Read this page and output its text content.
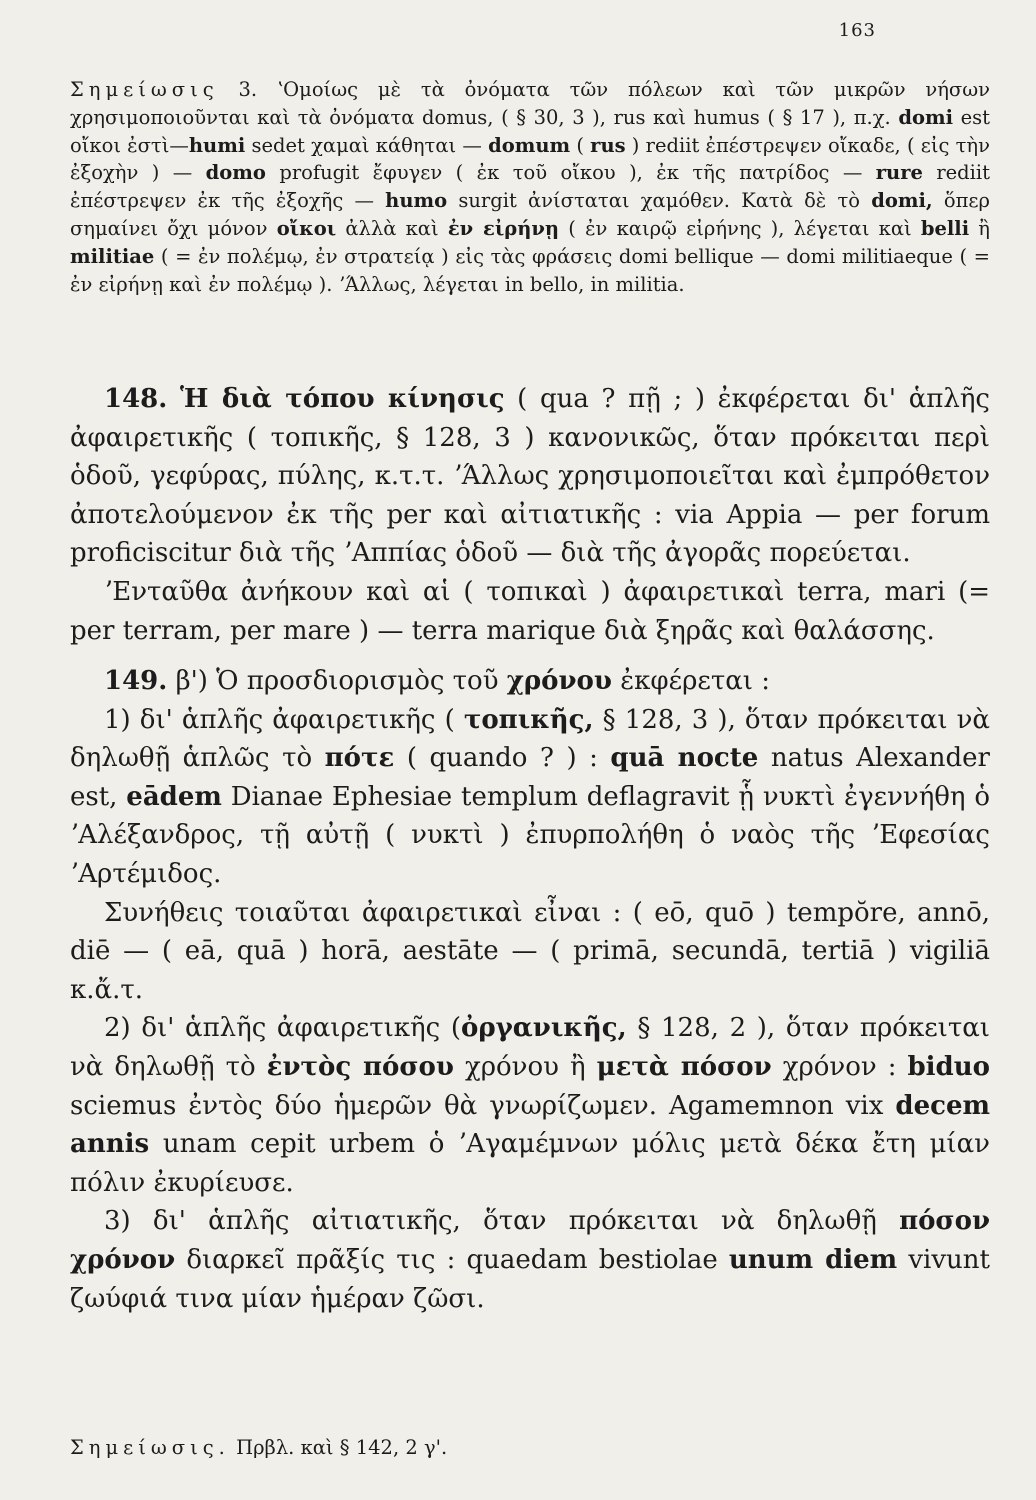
163
Σημείωσις 3. ʽΟμοίως μὲ τὰ ὀνόματα τῶν πόλεων καὶ τῶν μικρῶν νήσων χρησιμοποιοῦνται καὶ τὰ ὀνόματα domus, ( § 30, 3 ), rus καὶ humus ( § 17 ), π.χ. domi est οἴκοι ἐστὶ—humi sedet χαμαὶ κάθηται — domum ( rus ) rediit ἐπέστρεψεν οἴκαδε, ( εἰς τὴν ἐξοχὴν ) — domo profugit ἔφυγεν ( ἐκ τοῦ οἴκου ), ἐκ τῆς πατρίδος — rure rediit ἐπέστρεψεν ἐκ τῆς ἐξοχῆς — humo surgit ἀνίσταται χαμόθεν. Κατὰ δὲ τὸ domi, ὅπερ σημαίνει ὄχι μόνον οἴκοι ἀλλὰ καὶ ἐν εἰρήνῃ ( ἐν καιρῷ εἰρήνης ), λέγεται καὶ belli ἢ militiae ( = ἐν πολέμῳ, ἐν στρατείᾳ ) εἰς τὰς φράσεις domi bellique — domi militiaeque ( = ἐν εἰρήνῃ καὶ ἐν πολέμῳ ). ʼΆλλως, λέγεται in bello, in militia.

148. Ἡ διὰ τόπου κίνησις ( qua ? πῇ ; ) ἐκφέρεται δι' ἁπλῆς ἀφαιρετικῆς ( τοπικῆς, § 128, 3 ) κανονικῶς, ὅταν πρόκειται περὶ ὁδοῦ, γεφύρας, πύλης, κ.τ.τ. ʼΆλλως χρησιμοποιεῖται καὶ ἐμπρόθετον ἀποτελούμενον ἐκ τῆς per καὶ αἰτιατικῆς : via Appia — per forum proficiscitur διὰ τῆς ʼΑππίας ὁδοῦ — διὰ τῆς ἀγορᾶς πορεύεται.

ʼΕνταῦθα ἀνήκουν καὶ αἱ ( τοπικαὶ ) ἀφαιρετικαὶ terra, mari (= per terram, per mare ) — terra marique διὰ ξηρᾶς καὶ θαλάσσης.

149. β') Ὁ προσδιορισμὸς τοῦ χρόνου ἐκφέρεται :

1) δι' ἁπλῆς ἀφαιρετικῆς ( τοπικῆς, § 128, 3 ), ὅταν πρόκειται νὰ δηλωθῇ ἁπλῶς τὸ πότε ( quando ? ) : quā nocte natus Alexander est, eādem Dianae Ephesiae templum deflagravit ᾗ νυκτὶ ἐγεννήθη ὁ ʼΑλέξανδρος, τῇ αὐτῇ ( νυκτὶ ) ἐπυρπολήθη ὁ ναὸς τῆς ʼΕφεσίας ʼΑρτέμιδος.

Συνήθεις τοιαῦται ἀφαιρετικαὶ εἶναι : ( eō, quō ) tempŏre, annō, diē — ( eā, quā ) horā, aestāte — ( primā, secundā, tertiā ) vigiliā κ.ἄ.τ.

2) δι' ἁπλῆς ἀφαιρετικῆς (ὀργανικῆς, § 128, 2 ), ὅταν πρόκειται νὰ δηλωθῇ τὸ ἐντὸς πόσου χρόνου ἢ μετὰ πόσον χρόνον : biduo sciemus ἐντὸς δύο ἡμερῶν θὰ γνωρίζωμεν. Agamemnon vix decem annis unam cepit urbem ὁ ʼΑγαμέμνων μόλις μετὰ δέκα ἔτη μίαν πόλιν ἐκυρίευσε.

3) δι' ἁπλῆς αἰτιατικῆς, ὅταν πρόκειται νὰ δηλωθῇ πόσον χρόνον διαρκεῖ πρᾶξίς τις : quaedam bestiolae unum diem vivunt ζωύφιά τινα μίαν ἡμέραν ζῶσι.

Σημείωσις. Πρβλ. καὶ § 142, 2 γ'.
